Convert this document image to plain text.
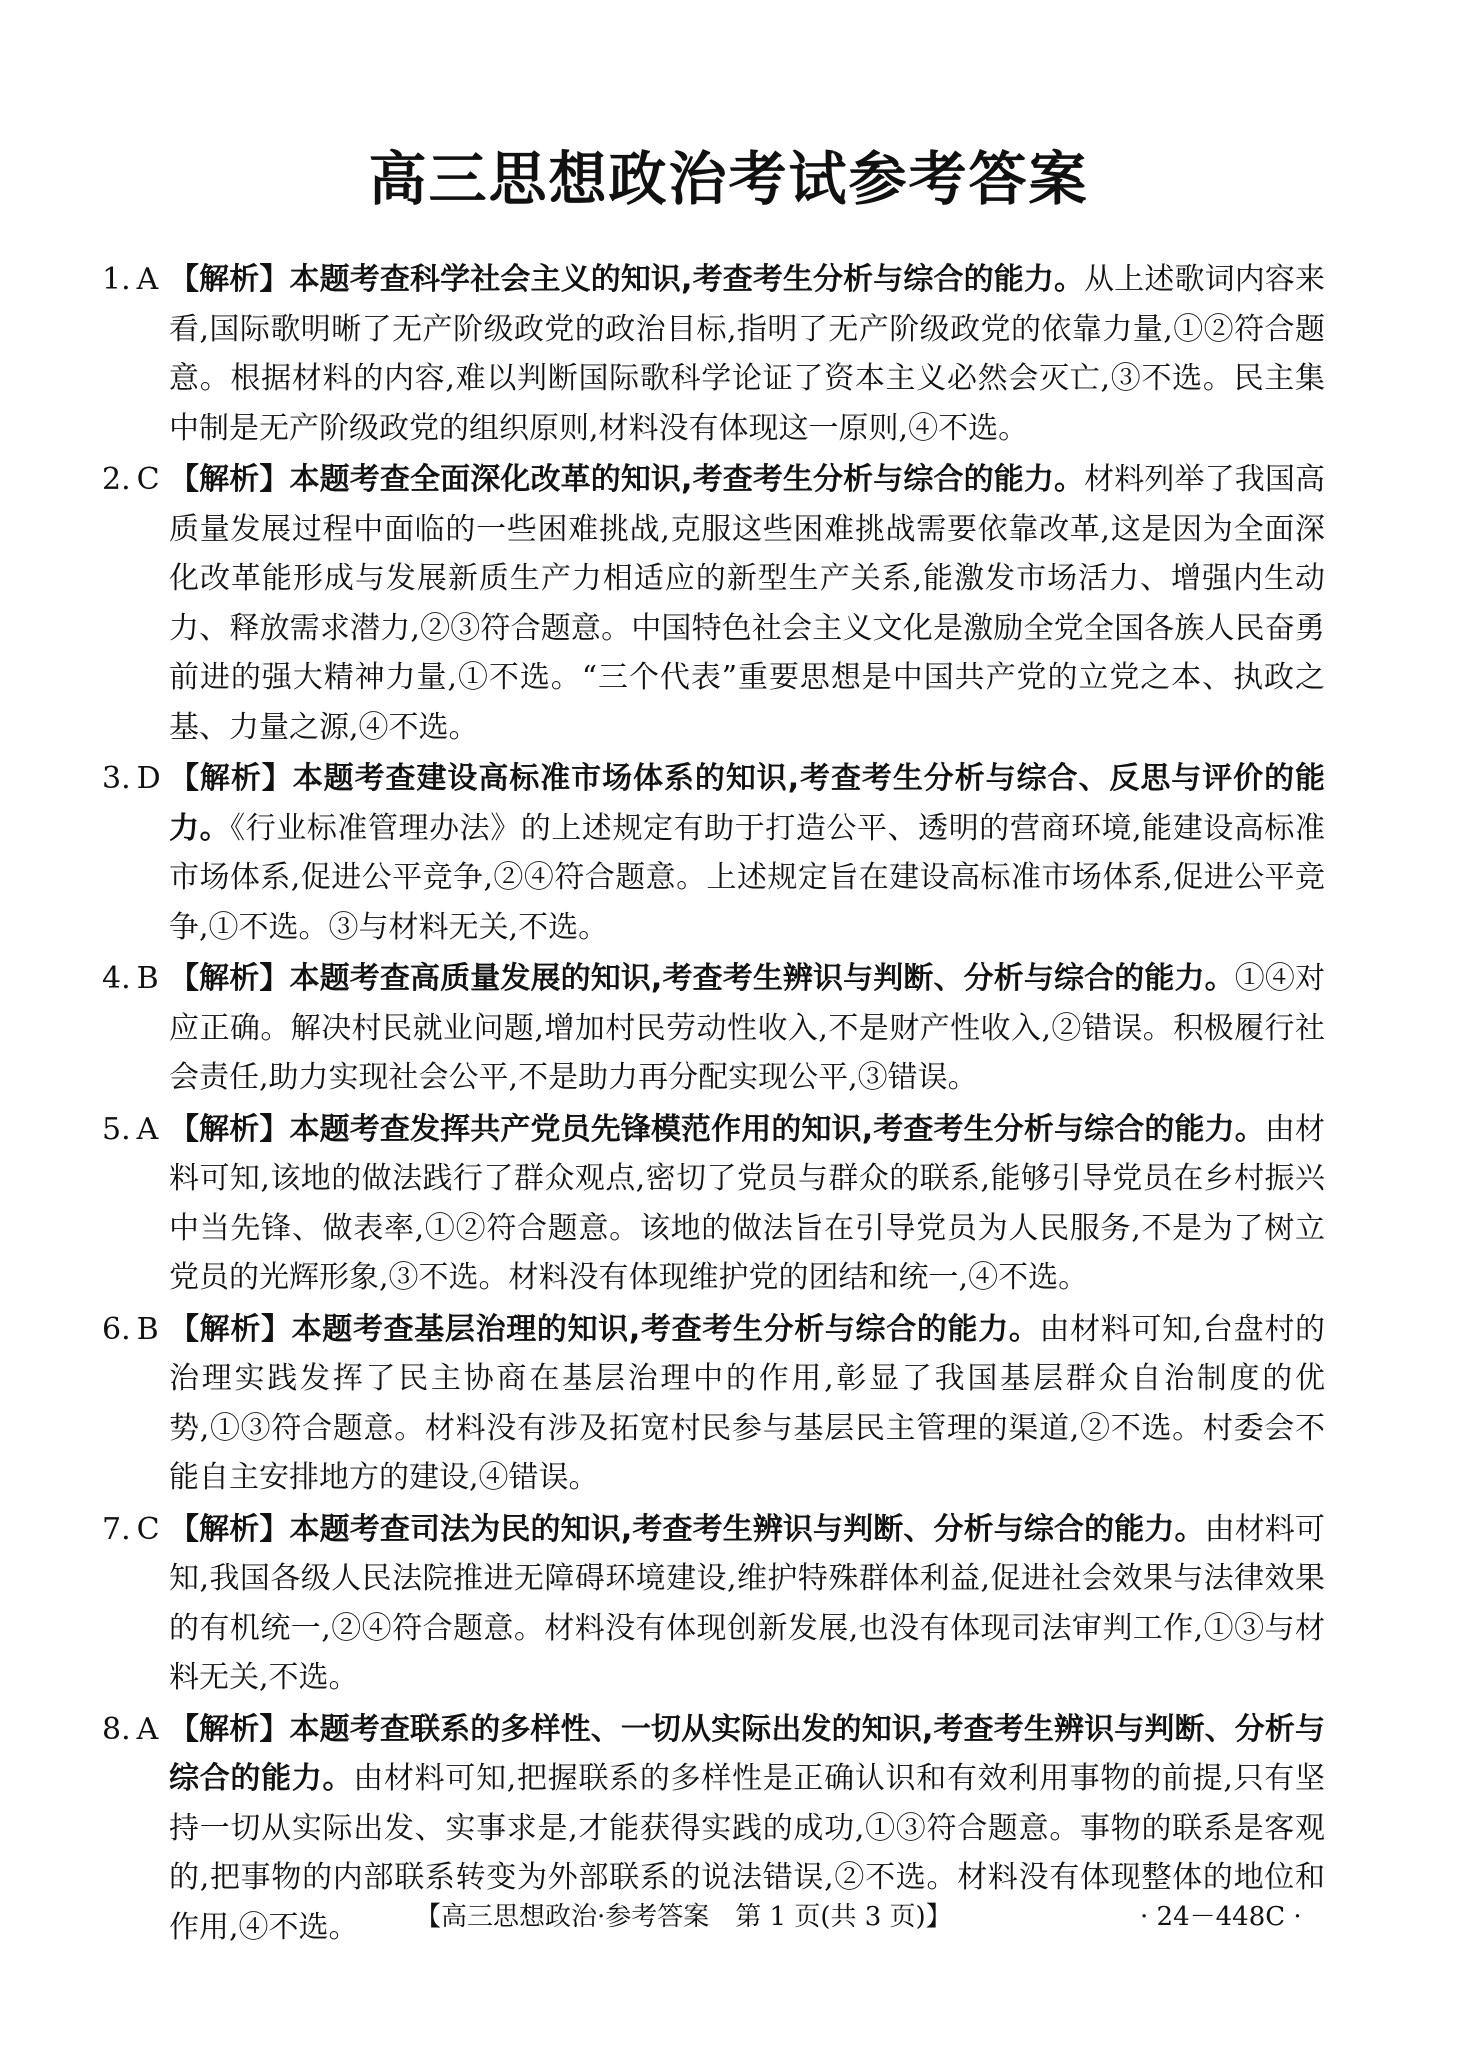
高三思想政治考试参考答案
1. A 【解析】本题考查科学社会主义的知识,考查考生分析与综合的能力。从上述歌词内容来看,国际歌明晰了无产阶级政党的政治目标,指明了无产阶级政党的依靠力量,①②符合题意。根据材料的内容,难以判断国际歌科学论证了资本主义必然会灭亡,③不选。民主集中制是无产阶级政党的组织原则,材料没有体现这一原则,④不选。
2. C 【解析】本题考查全面深化改革的知识,考查考生分析与综合的能力。材料列举了我国高质量发展过程中面临的一些困难挑战,克服这些困难挑战需要依靠改革,这是因为全面深化改革能形成与发展新质生产力相适应的新型生产关系,能激发市场活力、增强内生动力、释放需求潜力,②③符合题意。中国特色社会主义文化是激励全党全国各族人民奋勇前进的强大精神力量,①不选。“三个代表”重要思想是中国共产党的立党之本、执政之基、力量之源,④不选。
3. D 【解析】本题考查建设高标准市场体系的知识,考查考生分析与综合、反思与评价的能力。《行业标准管理办法》的上述规定有助于打造公平、透明的营商环境,能建设高标准市场体系,促进公平竞争,②④符合题意。上述规定旨在建设高标准市场体系,促进公平竞争,①不选。③与材料无关,不选。
4. B 【解析】本题考查高质量发展的知识,考查考生辨识与判断、分析与综合的能力。①④对应正确。解决村民就业问题,增加村民劳动性收入,不是财产性收入,②错误。积极履行社会责任,助力实现社会公平,不是助力再分配实现公平,③错误。
5. A 【解析】本题考查发挥共产党员先锋模范作用的知识,考查考生分析与综合的能力。由材料可知,该地的做法践行了群众观点,密切了党员与群众的联系,能够引导党员在乡村振兴中当先锋、做表率,①②符合题意。该地的做法旨在引导党员为人民服务,不是为了树立党员的光辉形象,③不选。材料没有体现维护党的团结和统一,④不选。
6. B 【解析】本题考查基层治理的知识,考查考生分析与综合的能力。由材料可知,台盘村的治理实践发挥了民主协商在基层治理中的作用,彰显了我国基层群众自治制度的优势,①③符合题意。材料没有涉及拓宽村民参与基层民主管理的渠道,②不选。村委会不能自主安排地方的建设,④错误。
7. C 【解析】本题考查司法为民的知识,考查考生辨识与判断、分析与综合的能力。由材料可知,我国各级人民法院推进无障碍环境建设,维护特殊群体利益,促进社会效果与法律效果的有机统一,②④符合题意。材料没有体现创新发展,也没有体现司法审判工作,①③与材料无关,不选。
8. A 【解析】本题考查联系的多样性、一切从实际出发的知识,考查考生辨识与判断、分析与综合的能力。由材料可知,把握联系的多样性是正确认识和有效利用事物的前提,只有坚持一切从实际出发、实事求是,才能获得实践的成功,①③符合题意。事物的联系是客观的,把事物的内部联系转变为外部联系的说法错误,②不选。材料没有体现整体的地位和作用,④不选。	【高三思想政治·参考答案　第 1 页(共 3 页)】	· 24－448C ·
